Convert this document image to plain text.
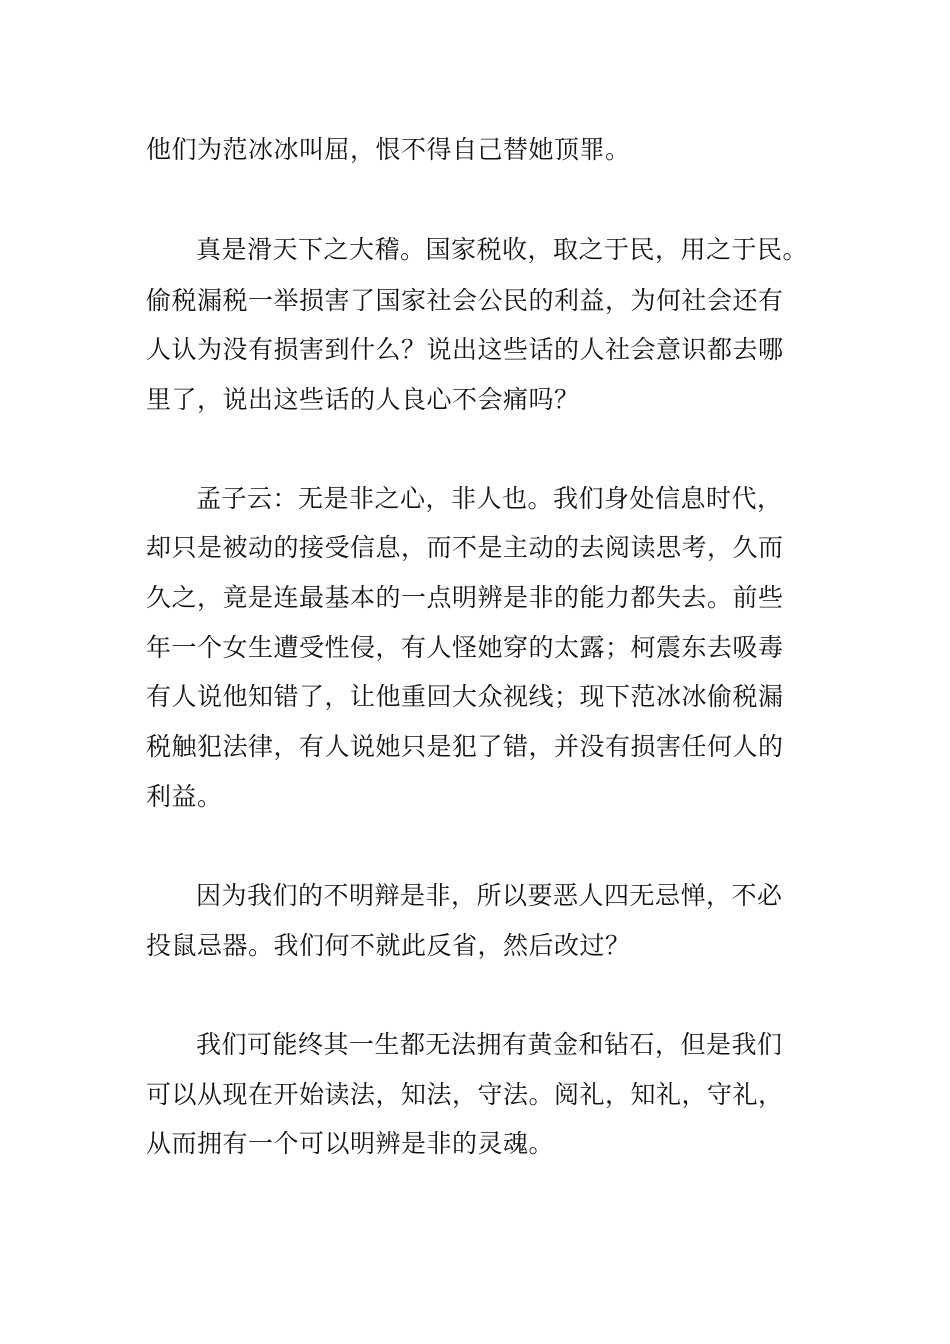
他们为范冰冰叫屈，恨不得自己替她顶罪。
真是滑天下之大稽。国家税收，取之于民，用之于民。
偷税漏税一举损害了国家社会公民的利益，为何社会还有
人认为没有损害到什么？说出这些话的人社会意识都去哪
里了，说出这些话的人良心不会痛吗？
孟子云：无是非之心，非人也。我们身处信息时代，
却只是被动的接受信息，而不是主动的去阅读思考，久而
久之，竟是连最基本的一点明辨是非的能力都失去。前些
年一个女生遭受性侵，有人怪她穿的太露；柯震东去吸毒
有人说他知错了，让他重回大众视线；现下范冰冰偷税漏
税触犯法律，有人说她只是犯了错，并没有损害任何人的
利益。
因为我们的不明辩是非，所以要恶人四无忌惮，不必
投鼠忌器。我们何不就此反省，然后改过？
我们可能终其一生都无法拥有黄金和钻石，但是我们
可以从现在开始读法，知法，守法。阅礼，知礼，守礼，
从而拥有一个可以明辨是非的灵魂。
